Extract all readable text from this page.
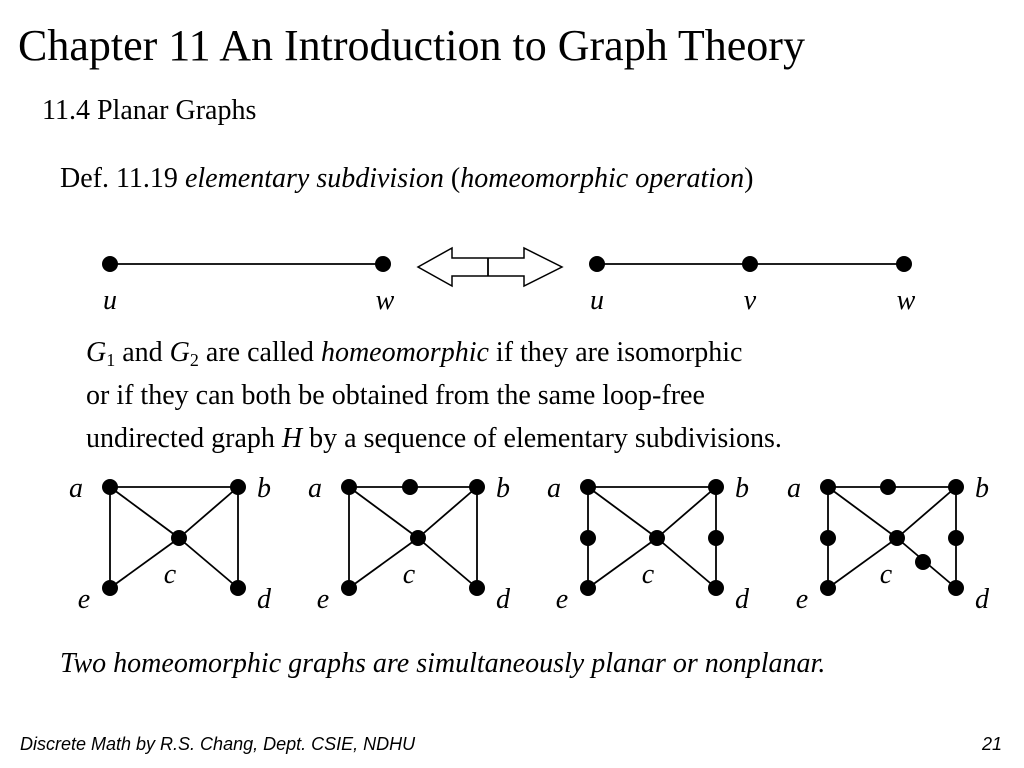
Chapter 11 An Introduction to Graph Theory
11.4 Planar Graphs
Def. 11.19 elementary subdivision (homeomorphic operation)
u	w	u	v	w
a	b
c
e	d
a	b
c
e	d
a	b
c
e	d
a	b
c
e	d
$G_1$ and $G_2$ are called homeomorphic if they are isomorphic
or if they can both be obtained from the same loop-free
undirected graph H by a sequence of elementary subdivisions.
Two homeomorphic graphs are simultaneously planar or nonplanar.
Discrete Math by R.S. Chang, Dept. CSIE, NDHU	21
